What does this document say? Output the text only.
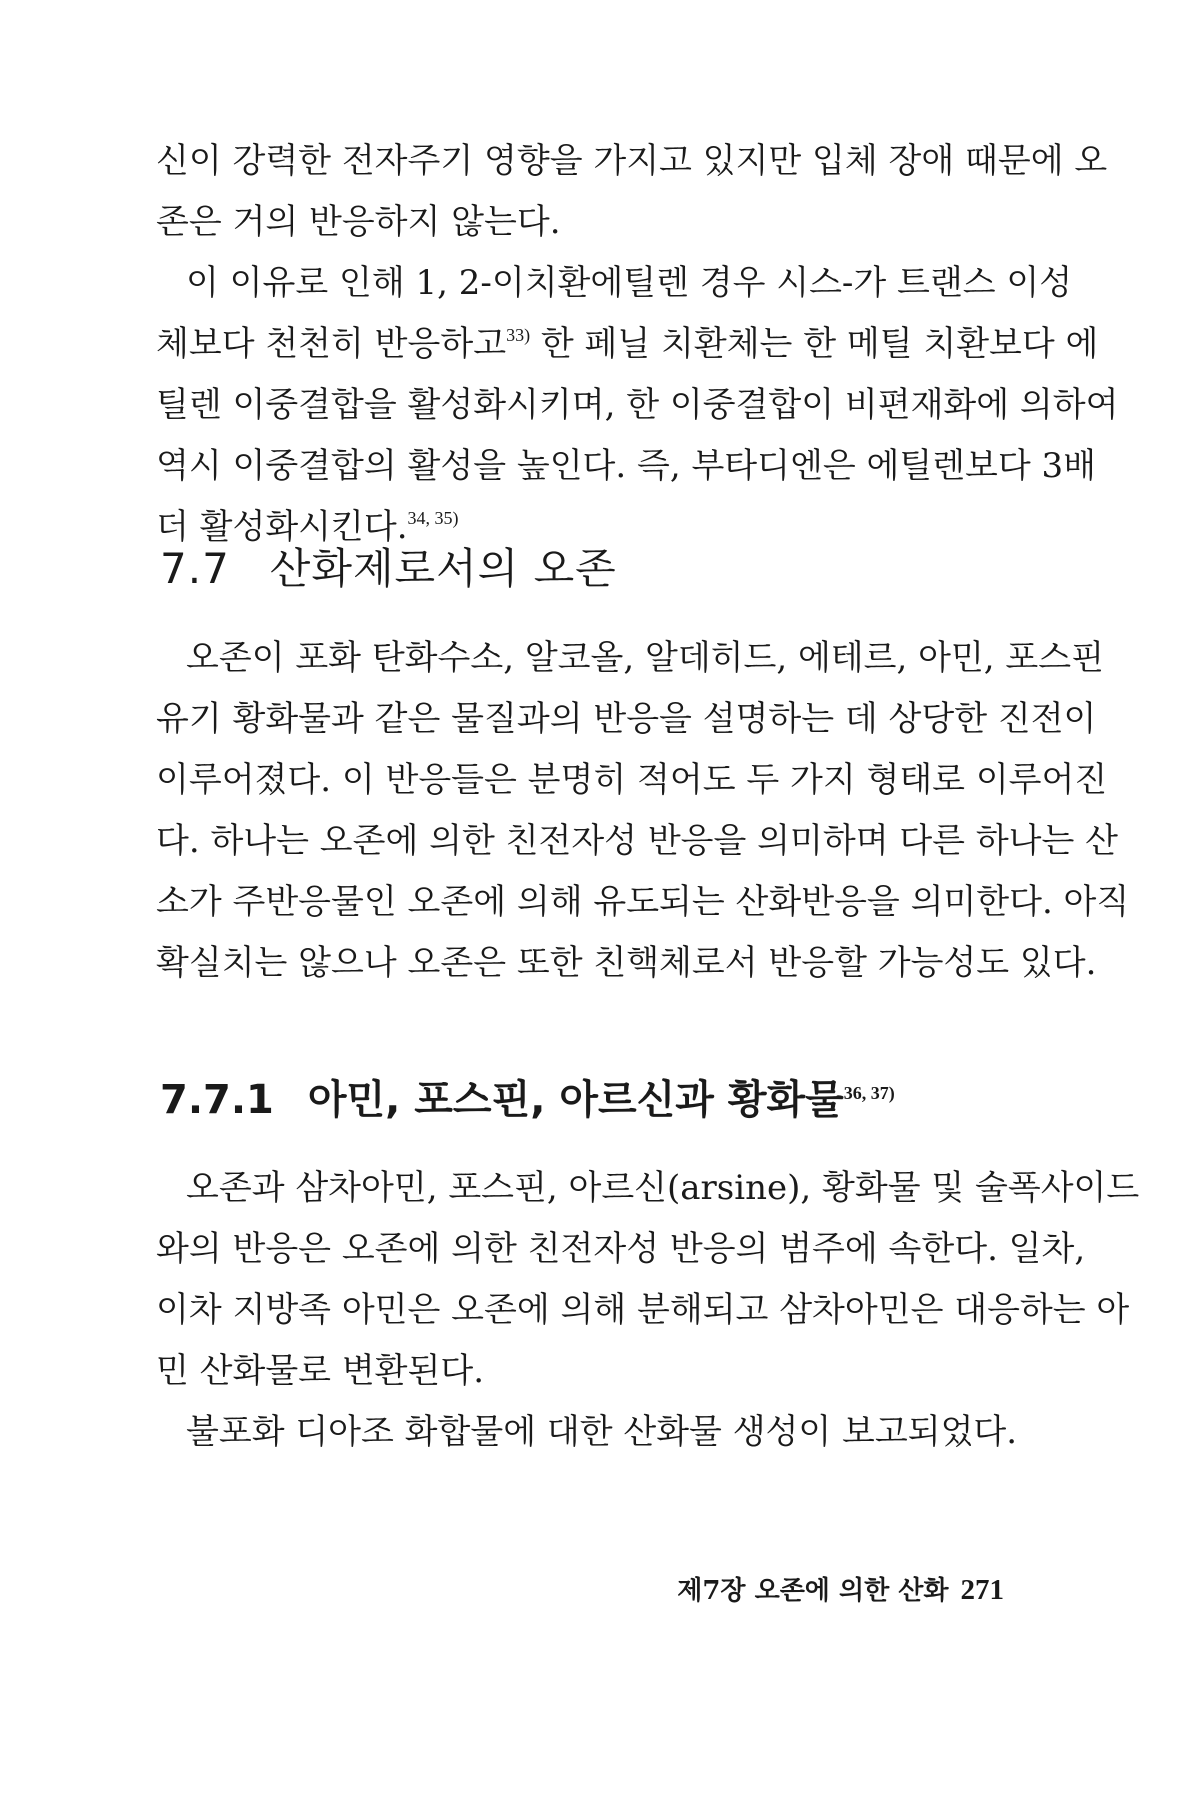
신이 강력한 전자주기 영향을 가지고 있지만 입체 장애 때문에 오
존은 거의 반응하지 않는다.

이 이유로 인해 1, 2-이치환에틸렌 경우 시스-가 트랜스 이성
체보다 천천히 반응하고$^{33)}$ 한 페닐 치환체는 한 메틸 치환보다 에
틸렌 이중결합을 활성화시키며, 한 이중결합이 비편재화에 의하여
역시 이중결합의 활성을 높인다. 즉, 부타디엔은 에틸렌보다 3배
더 활성화시킨다.$^{34, 35)}$

7.7 산화제로서의 오존

오존이 포화 탄화수소, 알코올, 알데히드, 에테르, 아민, 포스핀
유기 황화물과 같은 물질과의 반응을 설명하는 데 상당한 진전이
이루어졌다. 이 반응들은 분명히 적어도 두 가지 형태로 이루어진
다. 하나는 오존에 의한 친전자성 반응을 의미하며 다른 하나는 산
소가 주반응물인 오존에 의해 유도되는 산화반응을 의미한다. 아직
확실치는 않으나 오존은 또한 친핵체로서 반응할 가능성도 있다.

7.7.1 아민, 포스핀, 아르신과 황화물$^{36, 37)}$

오존과 삼차아민, 포스핀, 아르신(arsine), 황화물 및 술폭사이드
와의 반응은 오존에 의한 친전자성 반응의 범주에 속한다. 일차,
이차 지방족 아민은 오존에 의해 분해되고 삼차아민은 대응하는 아
민 산화물로 변환된다.

불포화 디아조 화합물에 대한 산화물 생성이 보고되었다.

제7장 오존에 의한 산화 271
